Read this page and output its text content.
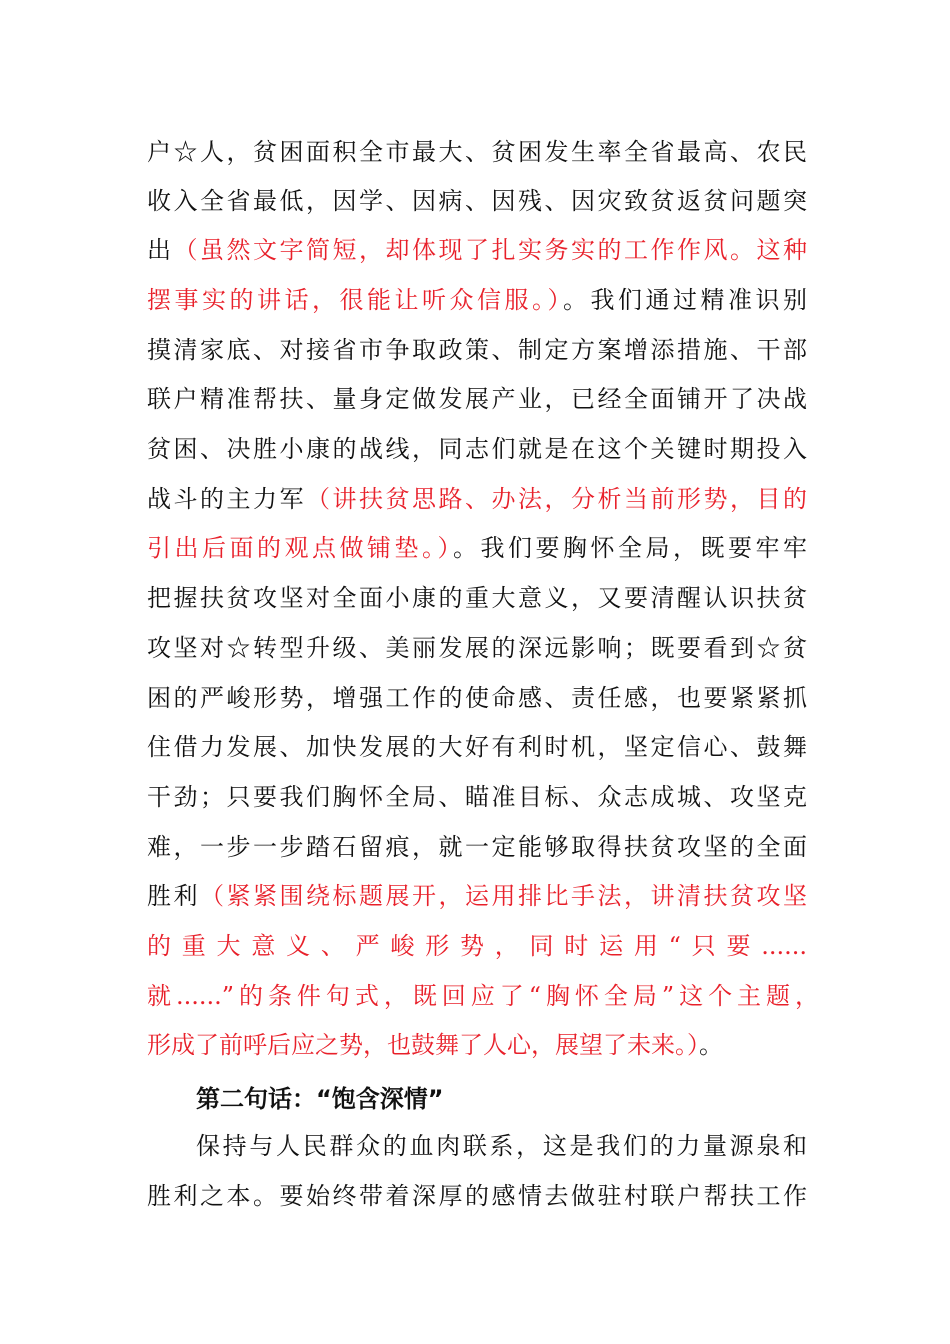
户☆人，贫困面积全市最大、贫困发生率全省最高、农民
收入全省最低，因学、因病、因残、因灾致贫返贫问题突
出（虽然文字简短，却体现了扎实务实的工作作风。这种
摆事实的讲话，很能让听众信服。）。我们通过精准识别
摸清家底、对接省市争取政策、制定方案增添措施、干部
联户精准帮扶、量身定做发展产业，已经全面铺开了决战
贫困、决胜小康的战线，同志们就是在这个关键时期投入
战斗的主力军（讲扶贫思路、办法，分析当前形势，目的
引出后面的观点做铺垫。）。我们要胸怀全局，既要牢牢
把握扶贫攻坚对全面小康的重大意义，又要清醒认识扶贫
攻坚对☆转型升级、美丽发展的深远影响；既要看到☆贫
困的严峻形势，增强工作的使命感、责任感，也要紧紧抓
住借力发展、加快发展的大好有利时机，坚定信心、鼓舞
干劲；只要我们胸怀全局、瞄准目标、众志成城、攻坚克
难，一步一步踏石留痕，就一定能够取得扶贫攻坚的全面
胜利（紧紧围绕标题展开，运用排比手法，讲清扶贫攻坚
的重大意义、严峻形势，同时运用“只要......
就......”的条件句式，既回应了“胸怀全局”这个主题，
形成了前呼后应之势，也鼓舞了人心，展望了未来。）。
第二句话：“饱含深情”
保持与人民群众的血肉联系，这是我们的力量源泉和
胜利之本。要始终带着深厚的感情去做驻村联户帮扶工作
